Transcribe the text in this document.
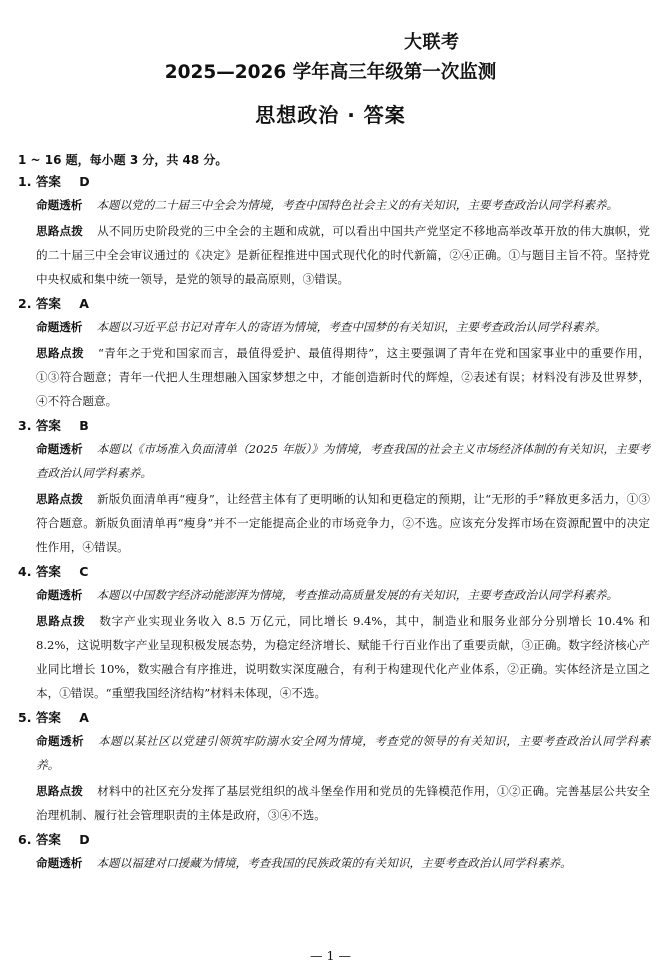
大联考
2025—2026 学年高三年级第一次监测
思想政治 · 答案
1 ~ 16 题，每小题 3 分，共 48 分。
1. 答案 D
命题透析 本题以党的二十届三中全会为情境，考查中国特色社会主义的有关知识，主要考查政治认同学科素养。
思路点拨 从不同历史阶段党的三中全会的主题和成就，可以看出中国共产党坚定不移地高举改革开放的伟大旗帜，党的二十届三中全会审议通过的《决定》是新征程推进中国式现代化的时代新篇，②④正确。①与题目主旨不符。坚持党中央权威和集中统一领导，是党的领导的最高原则，③错误。
2. 答案 A
命题透析 本题以习近平总书记对青年人的寄语为情境，考查中国梦的有关知识，主要考查政治认同学科素养。
思路点拨 “青年之于党和国家而言，最值得爱护、最值得期待”，这主要强调了青年在党和国家事业中的重要作用，①③符合题意；青年一代把人生理想融入国家梦想之中，才能创造新时代的辉煌，②表述有误；材料没有涉及世界梦，④不符合题意。
3. 答案 B
命题透析 本题以《市场准入负面清单（2025 年版）》为情境，考查我国的社会主义市场经济体制的有关知识，主要考查政治认同学科素养。
思路点拨 新版负面清单再“瘦身”，让经营主体有了更明晰的认知和更稳定的预期，让“无形的手”释放更多活力，①③符合题意。新版负面清单再“瘦身”并不一定能提高企业的市场竞争力，②不选。应该充分发挥市场在资源配置中的决定性作用，④错误。
4. 答案 C
命题透析 本题以中国数字经济动能澎湃为情境，考查推动高质量发展的有关知识，主要考查政治认同学科素养。
思路点拨 数字产业实现业务收入 8.5 万亿元，同比增长 9.4%，其中，制造业和服务业部分分别增长 10.4% 和 8.2%，这说明数字产业呈现积极发展态势，为稳定经济增长、赋能千行百业作出了重要贡献，③正确。数字经济核心产业同比增长 10%，数实融合有序推进，说明数实深度融合，有利于构建现代化产业体系，②正确。实体经济是立国之本，①错误。“重塑我国经济结构”材料未体现，④不选。
5. 答案 A
命题透析 本题以某社区以党建引领筑牢防溺水安全网为情境，考查党的领导的有关知识，主要考查政治认同学科素养。
思路点拨 材料中的社区充分发挥了基层党组织的战斗堡垒作用和党员的先锋模范作用，①②正确。完善基层公共安全治理机制、履行社会管理职责的主体是政府，③④不选。
6. 答案 D
命题透析 本题以福建对口援藏为情境，考查我国的民族政策的有关知识，主要考查政治认同学科素养。
— 1 —
